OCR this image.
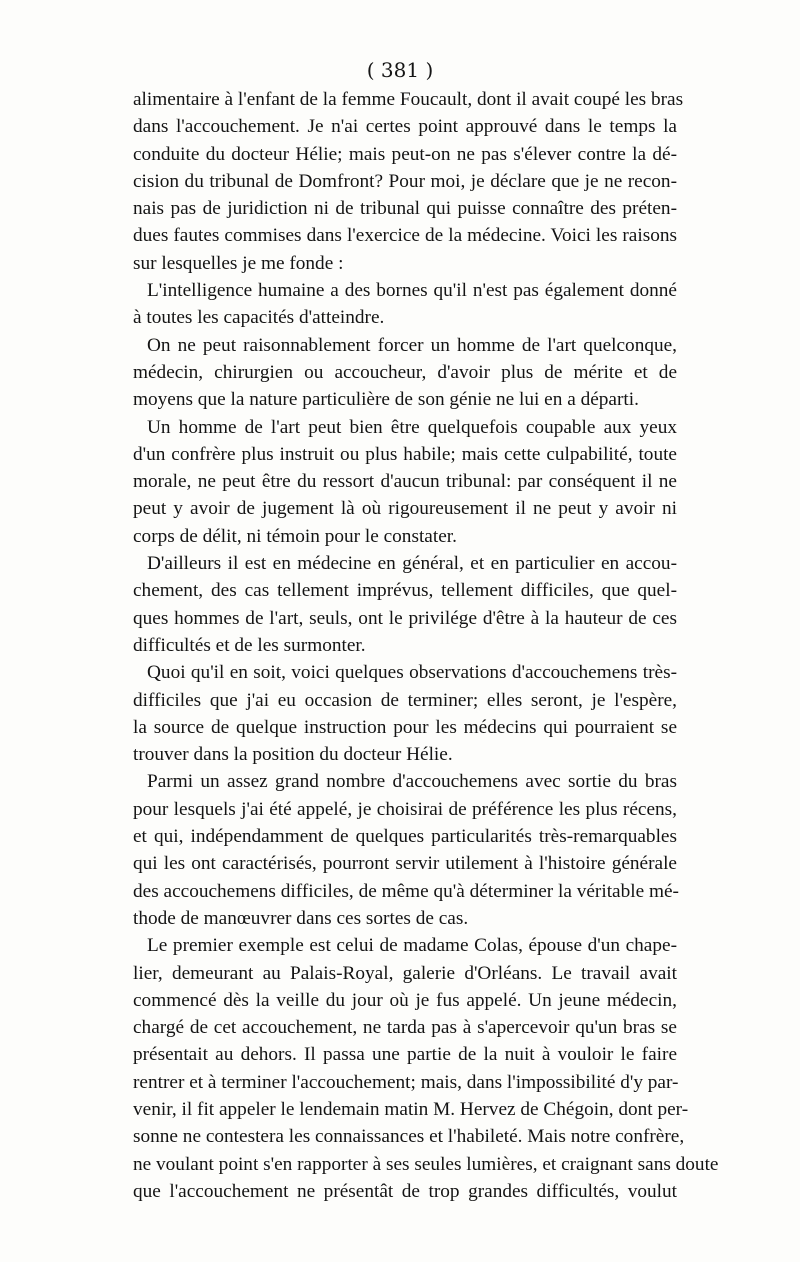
( 381 )
alimentaire à l'enfant de la femme Foucault, dont il avait coupé les bras
dans l'accouchement. Je n'ai certes point approuvé dans le temps la
conduite du docteur Hélie; mais peut-on ne pas s'élever contre la dé-
cision du tribunal de Domfront? Pour moi, je déclare que je ne recon-
nais pas de juridiction ni de tribunal qui puisse connaître des préten-
dues fautes commises dans l'exercice de la médecine. Voici les raisons
sur lesquelles je me fonde :
L'intelligence humaine a des bornes qu'il n'est pas également donné
à toutes les capacités d'atteindre.
On ne peut raisonnablement forcer un homme de l'art quelconque,
médecin, chirurgien ou accoucheur, d'avoir plus de mérite et de
moyens que la nature particulière de son génie ne lui en a départi.
Un homme de l'art peut bien être quelquefois coupable aux yeux
d'un confrère plus instruit ou plus habile; mais cette culpabilité, toute
morale, ne peut être du ressort d'aucun tribunal: par conséquent il ne
peut y avoir de jugement là où rigoureusement il ne peut y avoir ni
corps de délit, ni témoin pour le constater.
D'ailleurs il est en médecine en général, et en particulier en accou-
chement, des cas tellement imprévus, tellement difficiles, que quel-
ques hommes de l'art, seuls, ont le privilége d'être à la hauteur de ces
difficultés et de les surmonter.
Quoi qu'il en soit, voici quelques observations d'accouchemens très-
difficiles que j'ai eu occasion de terminer; elles seront, je l'espère,
la source de quelque instruction pour les médecins qui pourraient se
trouver dans la position du docteur Hélie.
Parmi un assez grand nombre d'accouchemens avec sortie du bras
pour lesquels j'ai été appelé, je choisirai de préférence les plus récens,
et qui, indépendamment de quelques particularités très-remarquables
qui les ont caractérisés, pourront servir utilement à l'histoire générale
des accouchemens difficiles, de même qu'à déterminer la véritable mé-
thode de manœuvrer dans ces sortes de cas.
Le premier exemple est celui de madame Colas, épouse d'un chape-
lier, demeurant au Palais-Royal, galerie d'Orléans. Le travail avait
commencé dès la veille du jour où je fus appelé. Un jeune médecin,
chargé de cet accouchement, ne tarda pas à s'apercevoir qu'un bras se
présentait au dehors. Il passa une partie de la nuit à vouloir le faire
rentrer et à terminer l'accouchement; mais, dans l'impossibilité d'y par-
venir, il fit appeler le lendemain matin M. Hervez de Chégoin, dont per-
sonne ne contestera les connaissances et l'habileté. Mais notre confrère,
ne voulant point s'en rapporter à ses seules lumières, et craignant sans doute
que l'accouchement ne présentât de trop grandes difficultés, voulut
